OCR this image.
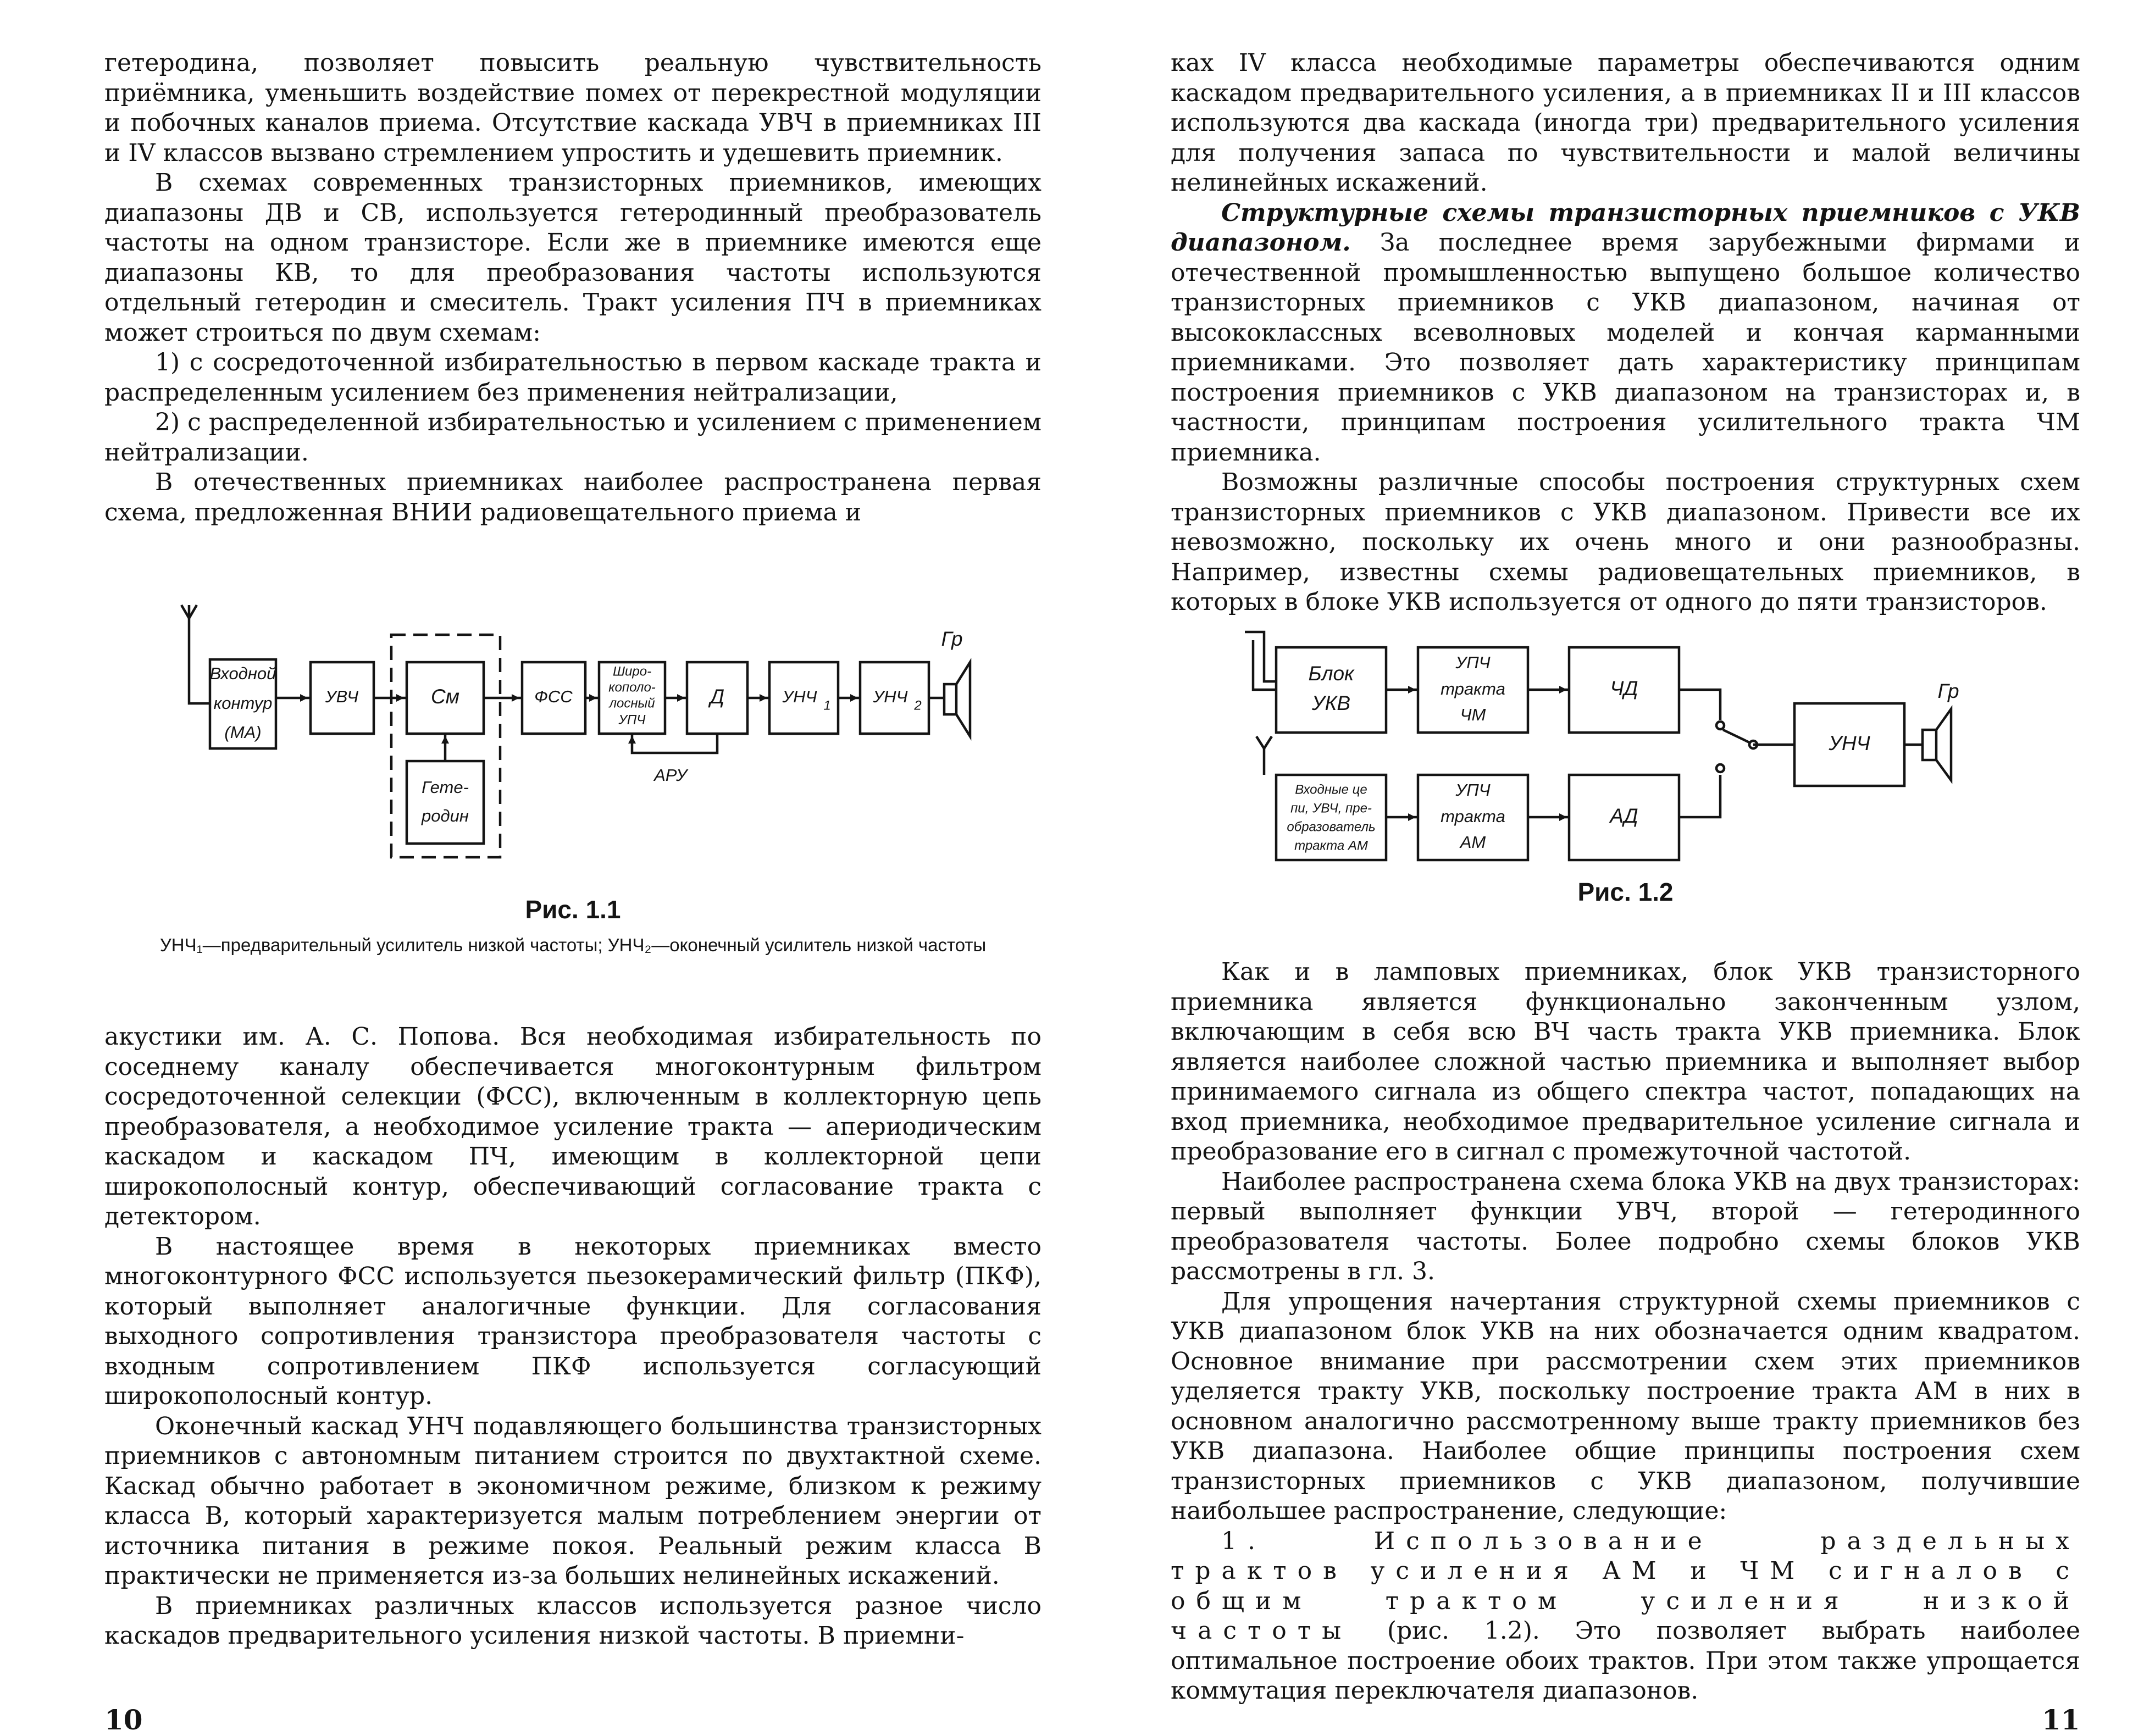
гетеродина, позволяет повысить реальную чувствительность приёмника, уменьшить воздействие помех от перекрестной модуляции и побочных каналов приема. Отсутствие каскада УВЧ в приемниках III и IV классов вызвано стремлением упростить и удешевить приемник.

В схемах современных транзисторных приемников, имеющих диапазоны ДВ и СВ, используется гетеродинный преобразователь частоты на одном транзисторе. Если же в приемнике имеются еще диапазоны КВ, то для преобразования частоты используются отдельный гетеродин и смеситель. Тракт усиления ПЧ в приемниках может строиться по двум схемам:

1) с сосредоточенной избирательностью в первом каскаде тракта и распределенным усилением без применения нейтрализации,

2) с распределенной избирательностью и усилением с применением нейтрализации.

В отечественных приемниках наиболее распространена первая схема, предложенная ВНИИ радиовещательного приема и

Входной
контур
(МА)
УВЧ	См
Гете-
родин
ФСС
Широ-
кополо-
лосный
УПЧ
Д	УНЧ 1 УНЧ 2
Гр
АРУ
Рис. 1.1
УНЧ₁—предварительный усилитель низкой частоты; УНЧ₂—оконечный усилитель низкой частоты

акустики им. А. С. Попова. Вся необходимая избирательность по соседнему каналу обеспечивается многоконтурным фильтром сосредоточенной селекции (ФСС), включенным в коллекторную цепь преобразователя, а необходимое усиление тракта — апериодическим каскадом и каскадом ПЧ, имеющим в коллекторной цепи широкополосный контур, обеспечивающий согласование тракта с детектором.

В настоящее время в некоторых приемниках вместо многоконтурного ФСС используется пьезокерамический фильтр (ПКФ), который выполняет аналогичные функции. Для согласования выходного сопротивления транзистора преобразователя частоты с входным сопротивлением ПКФ используется согласующий широкополосный контур.

Оконечный каскад УНЧ подавляющего большинства транзисторных приемников с автономным питанием строится по двухтактной схеме. Каскад обычно работает в экономичном режиме, близком к режиму класса В, который характеризуется малым потреблением энергии от источника питания в режиме покоя. Реальный режим класса В практически не применяется из-за больших нелинейных искажений.

В приемниках различных классов используется разное число каскадов предварительного усиления низкой частоты. В приемни-

10

ках IV класса необходимые параметры обеспечиваются одним каскадом предварительного усиления, а в приемниках II и III классов используются два каскада (иногда три) предварительного усиления для получения запаса по чувствительности и малой величины нелинейных искажений.

Структурные схемы транзисторных приемников с УКВ диапазоном. За последнее время зарубежными фирмами и отечественной промышленностью выпущено большое количество транзисторных приемников с УКВ диапазоном, начиная от высококлассных всеволновых моделей и кончая карманными приемниками. Это позволяет дать характеристику принципам построения приемников с УКВ диапазоном на транзисторах и, в частности, принципам построения усилительного тракта ЧМ приемника.

Возможны различные способы построения структурных схем транзисторных приемников с УКВ диапазоном. Привести все их невозможно, поскольку их очень много и они разнообразны. Например, известны схемы радиовещательных приемников, в которых в блоке УКВ используется от одного до пяти транзисторов.

Блок
УКВ
УПЧ
тракта
ЧМ
ЧД
Входные це
пи, УВЧ, пре-
образователь
тракта АМ
УПЧ
тракта
АМ
АД
УНЧ
Гр
Рис. 1.2

Как и в ламповых приемниках, блок УКВ транзисторного приемника является функционально законченным узлом, включающим в себя всю ВЧ часть тракта УКВ приемника. Блок является наиболее сложной частью приемника и выполняет выбор принимаемого сигнала из общего спектра частот, попадающих на вход приемника, необходимое предварительное усиление сигнала и преобразование его в сигнал с промежуточной частотой.

Наиболее распространена схема блока УКВ на двух транзисторах: первый выполняет функции УВЧ, второй — гетеродинного преобразователя частоты. Более подробно схемы блоков УКВ рассмотрены в гл. 3.

Для упрощения начертания структурной схемы приемников с УКВ диапазоном блок УКВ на них обозначается одним квадратом. Основное внимание при рассмотрении схем этих приемников уделяется тракту УКВ, поскольку построение тракта АМ в них в основном аналогично рассмотренному выше тракту приемников без УКВ диапазона. Наиболее общие принципы построения схем транзисторных приемников с УКВ диапазоном, получившие наибольшее распространение, следующие:

1. Использование раздельных трактов усиления АМ и ЧМ сигналов с общим трактом усиления низкой частоты (рис. 1.2). Это позволяет выбрать наиболее оптимальное построение обоих трактов. При этом также упрощается коммутация переключателя диапазонов.

11
